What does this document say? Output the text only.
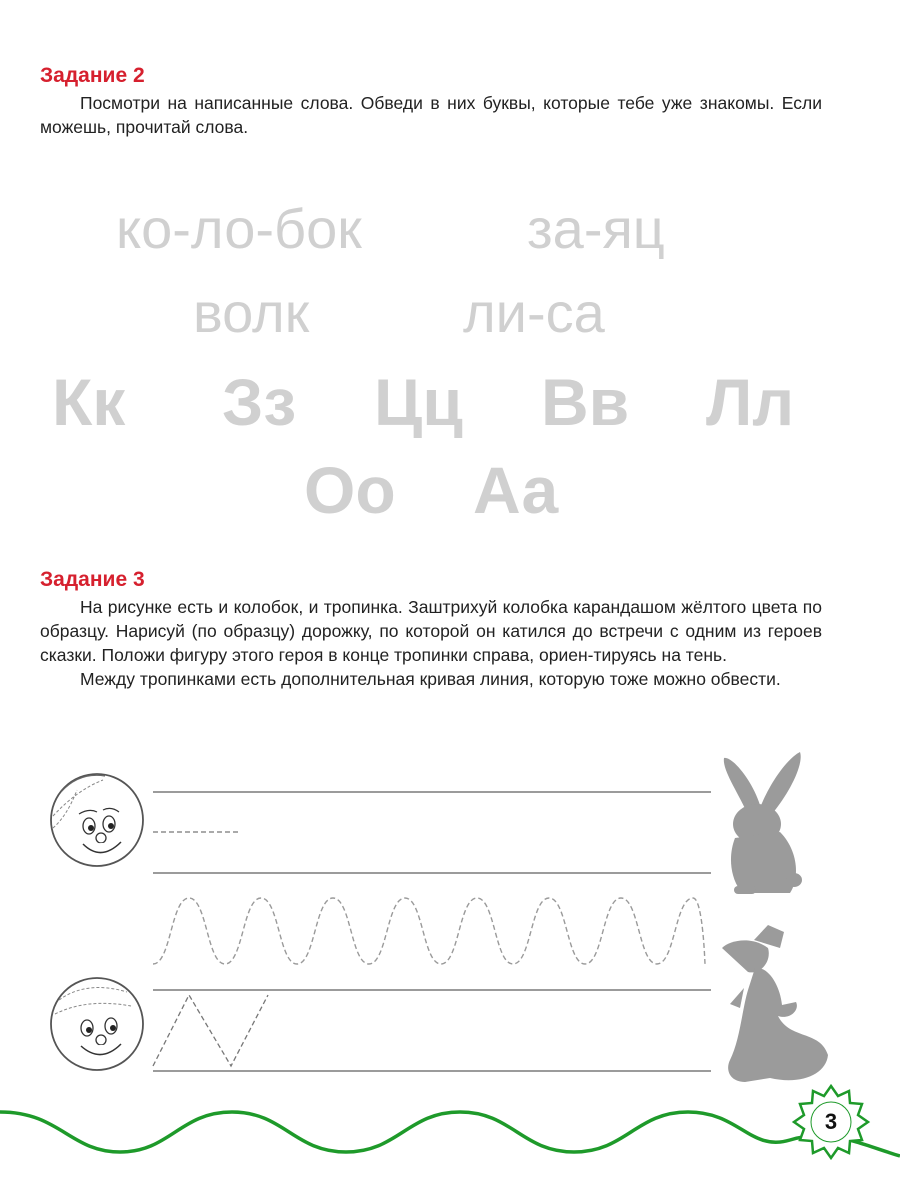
Задание 2

Посмотри на написанные слова. Обведи в них буквы, которые тебе уже знакомы. Если можешь, прочитай слова.

ко-ло-бок	за-яц
волк	ли-са
Кк Зз Цц Вв Лл
Оо Аа
Задание 3

На рисунке есть и колобок, и тропинка. Заштрихуй колобка карандашом жёлтого цвета по образцу. Нарисуй (по образцу) дорожку, по которой он катился до встречи с одним из героев сказки. Положи фигуру этого героя в конце тропинки справа, ориен-тируясь на тень.

Между тропинками есть дополнительная кривая линия, которую тоже можно обвести.

3
